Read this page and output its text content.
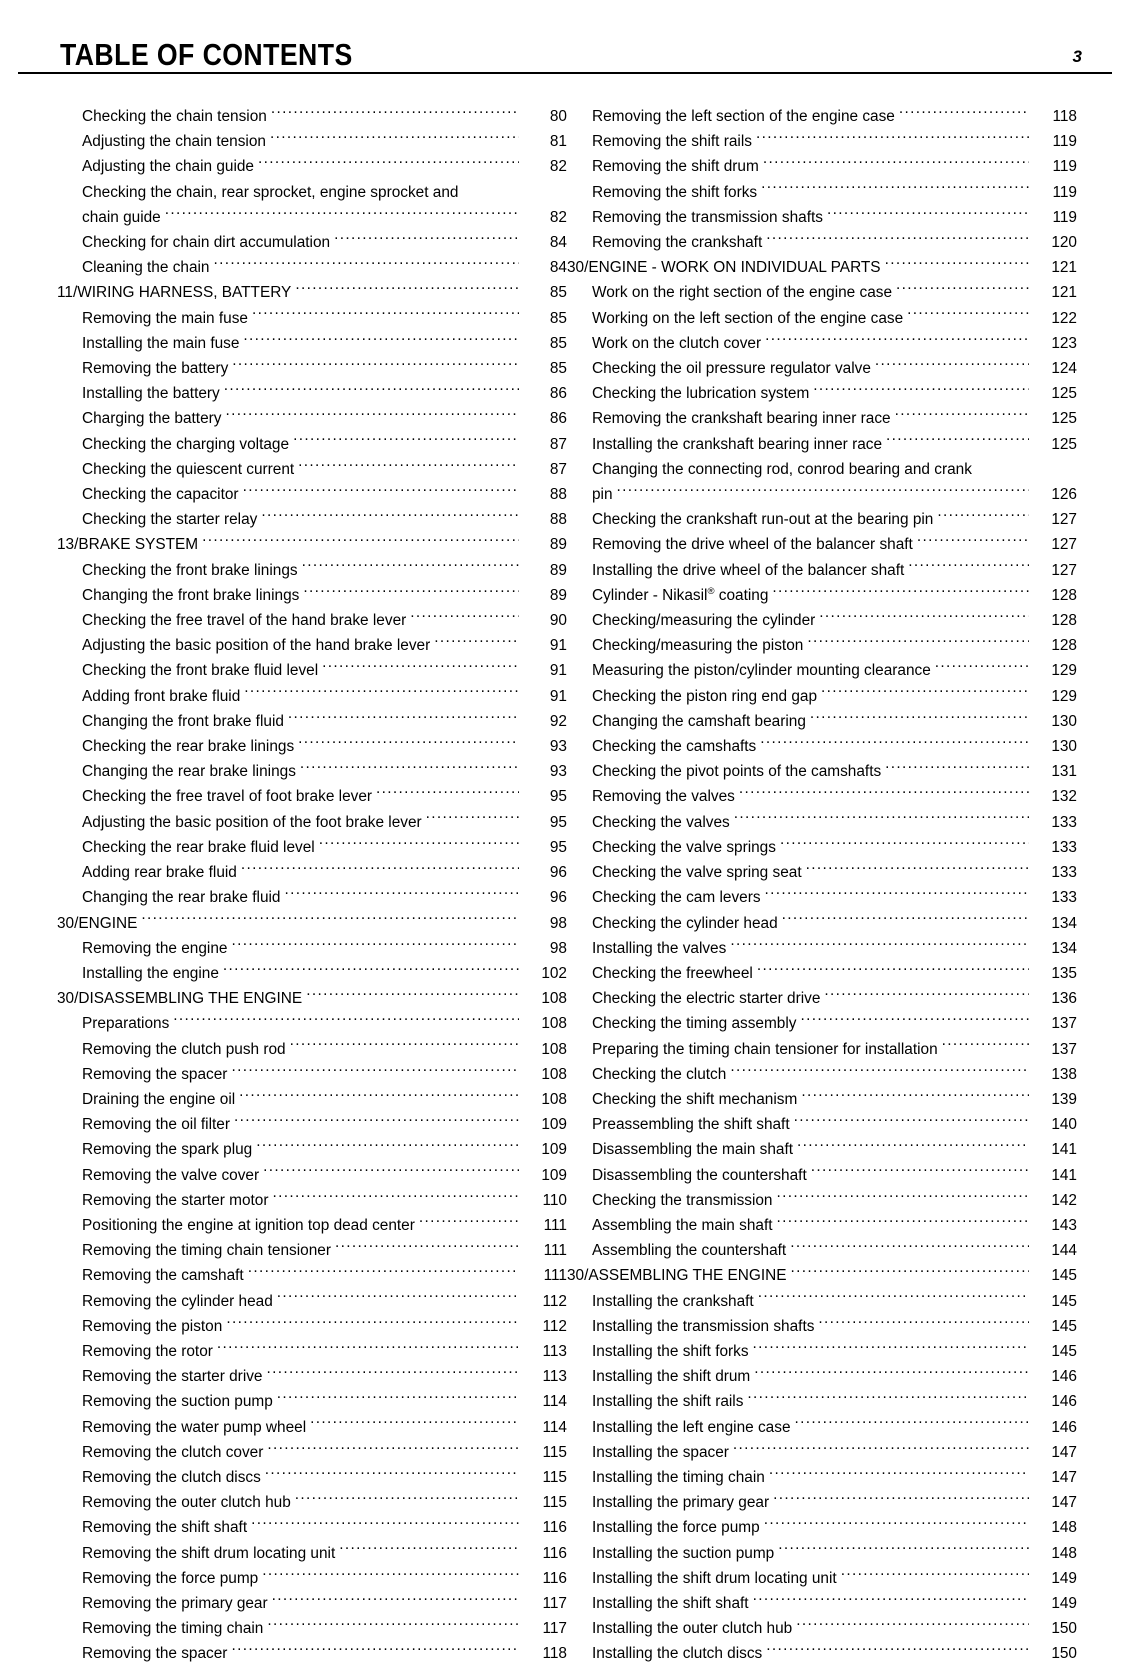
TABLE OF CONTENTS	3
Checking the chain tension .....	80
Adjusting the chain tension .....	81
Adjusting the chain guide .....	82
Checking the chain, rear sprocket, engine sprocket and
chain guide .....	82
Checking for chain dirt accumulation .....	84
Cleaning the chain .....	84
11/WIRING HARNESS, BATTERY .....	85
Removing the main fuse .....	85
Installing the main fuse .....	85
Removing the battery .....	85
Installing the battery .....	86
Charging the battery .....	86
Checking the charging voltage .....	87
Checking the quiescent current .....	87
Checking the capacitor .....	88
Checking the starter relay .....	88
13/BRAKE SYSTEM .....	89
Checking the front brake linings .....	89
Changing the front brake linings .....	89
Checking the free travel of the hand brake lever .....	90
Adjusting the basic position of the hand brake lever .....	91
Checking the front brake fluid level .....	91
Adding front brake fluid .....	91
Changing the front brake fluid .....	92
Checking the rear brake linings .....	93
Changing the rear brake linings .....	93
Checking the free travel of foot brake lever .....	95
Adjusting the basic position of the foot brake lever .....	95
Checking the rear brake fluid level .....	95
Adding rear brake fluid .....	96
Changing the rear brake fluid .....	96
30/ENGINE .....	98
Removing the engine .....	98
Installing the engine .....	102
30/DISASSEMBLING THE ENGINE .....	108
Preparations .....	108
Removing the clutch push rod .....	108
Removing the spacer .....	108
Draining the engine oil .....	108
Removing the oil filter .....	109
Removing the spark plug .....	109
Removing the valve cover .....	109
Removing the starter motor .....	110
Positioning the engine at ignition top dead center .....	111
Removing the timing chain tensioner .....	111
Removing the camshaft .....	111
Removing the cylinder head .....	112
Removing the piston .....	112
Removing the rotor .....	113
Removing the starter drive .....	113
Removing the suction pump .....	114
Removing the water pump wheel .....	114
Removing the clutch cover .....	115
Removing the clutch discs .....	115
Removing the outer clutch hub .....	115
Removing the shift shaft .....	116
Removing the shift drum locating unit .....	116
Removing the force pump .....	116
Removing the primary gear .....	117
Removing the timing chain .....	117
Removing the spacer .....	118
Removing the left section of the engine case .....	118
Removing the shift rails .....	119
Removing the shift drum .....	119
Removing the shift forks .....	119
Removing the transmission shafts .....	119
Removing the crankshaft .....	120
30/ENGINE - WORK ON INDIVIDUAL PARTS .....	121
Work on the right section of the engine case .....	121
Working on the left section of the engine case .....	122
Work on the clutch cover .....	123
Checking the oil pressure regulator valve .....	124
Checking the lubrication system .....	125
Removing the crankshaft bearing inner race .....	125
Installing the crankshaft bearing inner race .....	125
Changing the connecting rod, conrod bearing and crank
pin .....	126
Checking the crankshaft run-out at the bearing pin .....	127
Removing the drive wheel of the balancer shaft .....	127
Installing the drive wheel of the balancer shaft .....	127
Cylinder - Nikasil® coating .....	128
Checking/measuring the cylinder .....	128
Checking/measuring the piston .....	128
Measuring the piston/cylinder mounting clearance .....	129
Checking the piston ring end gap .....	129
Changing the camshaft bearing .....	130
Checking the camshafts .....	130
Checking the pivot points of the camshafts .....	131
Removing the valves .....	132
Checking the valves .....	133
Checking the valve springs .....	133
Checking the valve spring seat .....	133
Checking the cam levers .....	133
Checking the cylinder head .....	134
Installing the valves .....	134
Checking the freewheel .....	135
Checking the electric starter drive .....	136
Checking the timing assembly .....	137
Preparing the timing chain tensioner for installation .....	137
Checking the clutch .....	138
Checking the shift mechanism .....	139
Preassembling the shift shaft .....	140
Disassembling the main shaft .....	141
Disassembling the countershaft .....	141
Checking the transmission .....	142
Assembling the main shaft .....	143
Assembling the countershaft .....	144
30/ASSEMBLING THE ENGINE .....	145
Installing the crankshaft .....	145
Installing the transmission shafts .....	145
Installing the shift forks .....	145
Installing the shift drum .....	146
Installing the shift rails .....	146
Installing the left engine case .....	146
Installing the spacer .....	147
Installing the timing chain .....	147
Installing the primary gear .....	147
Installing the force pump .....	148
Installing the suction pump .....	148
Installing the shift drum locating unit .....	149
Installing the shift shaft .....	149
Installing the outer clutch hub .....	150
Installing the clutch discs .....	150
